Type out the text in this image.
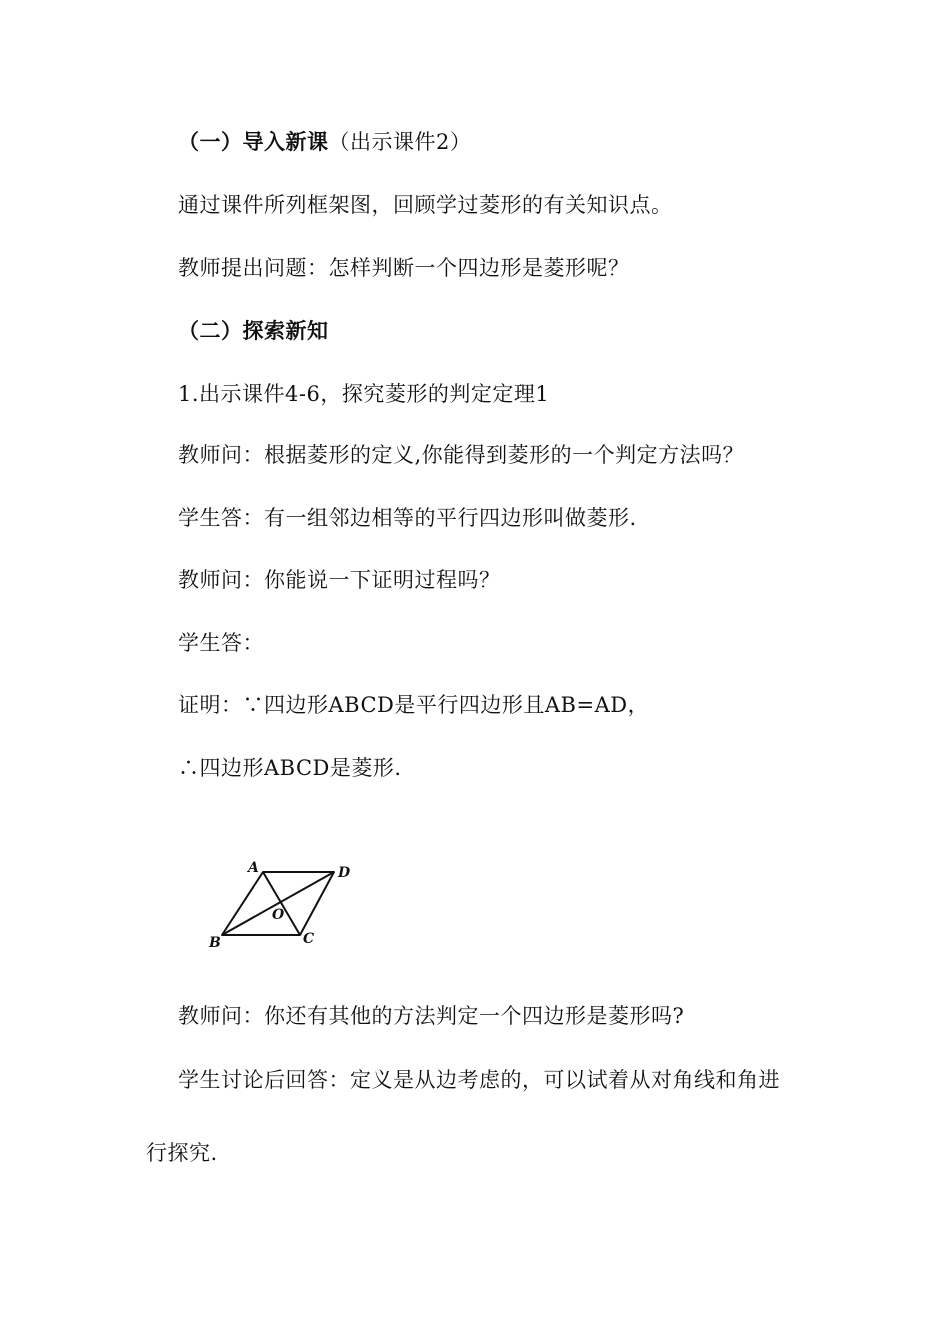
（一）导入新课（出示课件2）
通过课件所列框架图，回顾学过菱形的有关知识点。
教师提出问题：怎样判断一个四边形是菱形呢？
（二）探索新知
1.出示课件4-6，探究菱形的判定定理1
教师问：根据菱形的定义,你能得到菱形的一个判定方法吗？
学生答：有一组邻边相等的平行四边形叫做菱形.
教师问：你能说一下证明过程吗？
学生答：
证明：∵四边形ABCD是平行四边形且AB=AD，
∴四边形ABCD是菱形.
A	D
O
B	C
教师问：你还有其他的方法判定一个四边形是菱形吗?
学生讨论后回答：定义是从边考虑的，可以试着从对角线和角进
行探究.
